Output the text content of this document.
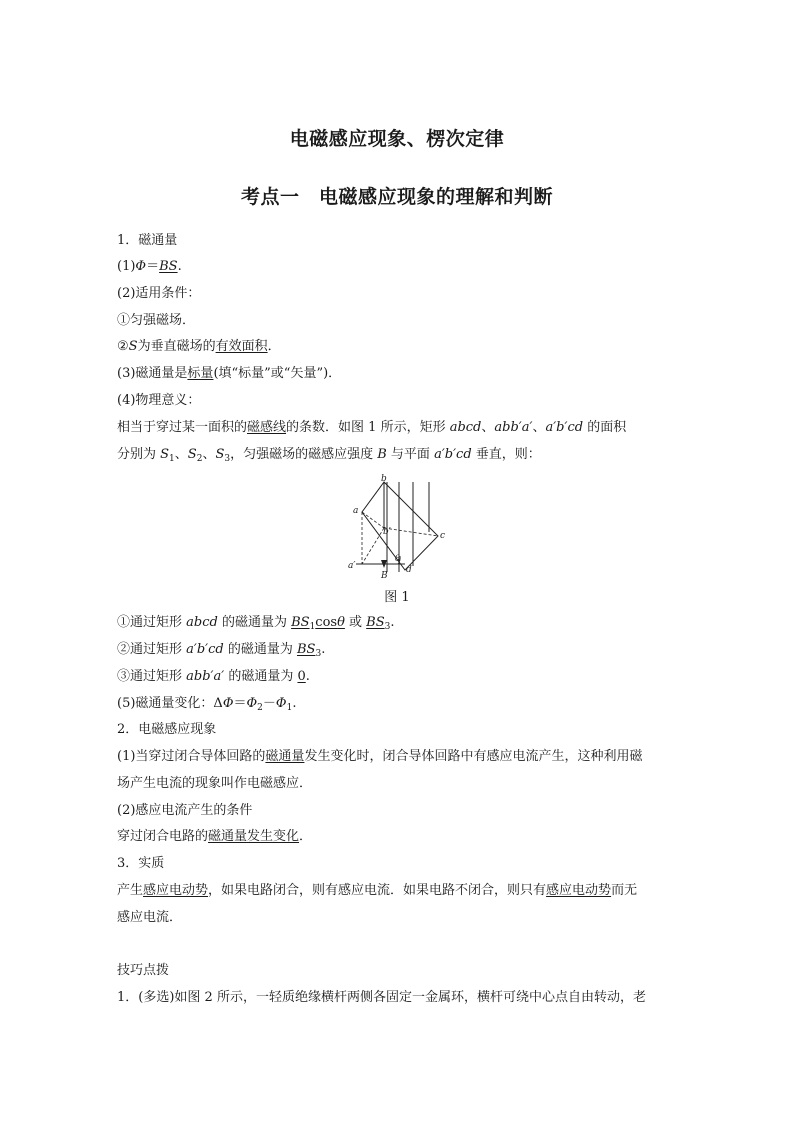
电磁感应现象、楞次定律
考点一　电磁感应现象的理解和判断
1．磁通量
(1)Φ＝BS.
(2)适用条件：
①匀强磁场．
②S为垂直磁场的有效面积．
(3)磁通量是标量(填“标量”或“矢量”)．
(4)物理意义：
相当于穿过某一面积的磁感线的条数．如图 1 所示，矩形 abcd、abb′a′、a′b′cd 的面积
分别为 $S_1$、$S_2$、$S_3$，匀强磁场的磁感应强度 B 与平面 a′b′cd 垂直，则：
b
a
b′	c
a′	d
B
θ
图 1
①通过矩形 abcd 的磁通量为 $BS_1\cos\theta$ 或 $BS_3$.
②通过矩形 a′b′cd 的磁通量为 $BS_3$.
③通过矩形 abb′a′ 的磁通量为 0.
(5)磁通量变化：$\Delta\Phi=\Phi_2-\Phi_1$.
2．电磁感应现象
(1)当穿过闭合导体回路的磁通量发生变化时，闭合导体回路中有感应电流产生，这种利用磁
场产生电流的现象叫作电磁感应．
(2)感应电流产生的条件
穿过闭合电路的磁通量发生变化．
3．实质
产生感应电动势，如果电路闭合，则有感应电流．如果电路不闭合，则只有感应电动势而无
感应电流．
技巧点拨
1．(多选)如图 2 所示，一轻质绝缘横杆两侧各固定一金属环，横杆可绕中心点自由转动，老
